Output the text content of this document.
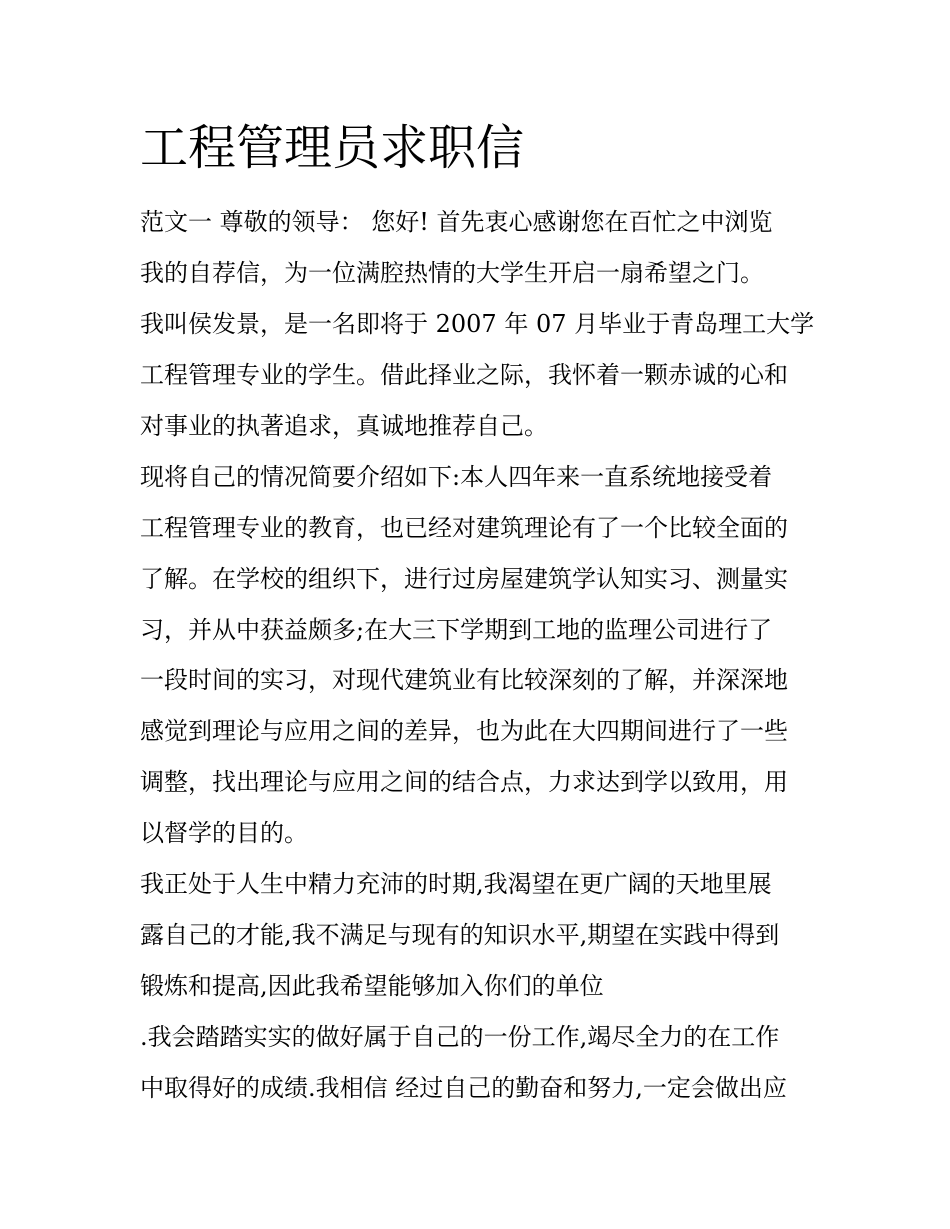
工程管理员求职信
范文一 尊敬的领导： 您好! 首先衷心感谢您在百忙之中浏览
我的自荐信，为一位满腔热情的大学生开启一扇希望之门。
我叫侯发景，是一名即将于 2007 年 07 月毕业于青岛理工大学
工程管理专业的学生。借此择业之际，我怀着一颗赤诚的心和
对事业的执著追求，真诚地推荐自己。
现将自己的情况简要介绍如下:本人四年来一直系统地接受着
工程管理专业的教育，也已经对建筑理论有了一个比较全面的
了解。在学校的组织下，进行过房屋建筑学认知实习、测量实
习，并从中获益颇多;在大三下学期到工地的监理公司进行了
一段时间的实习，对现代建筑业有比较深刻的了解，并深深地
感觉到理论与应用之间的差异，也为此在大四期间进行了一些
调整，找出理论与应用之间的结合点，力求达到学以致用，用
以督学的目的。
我正处于人生中精力充沛的时期,我渴望在更广阔的天地里展
露自己的才能,我不满足与现有的知识水平,期望在实践中得到
锻炼和提高,因此我希望能够加入你们的单位
.我会踏踏实实的做好属于自己的一份工作,竭尽全力的在工作
中取得好的成绩.我相信 经过自己的勤奋和努力,一定会做出应
